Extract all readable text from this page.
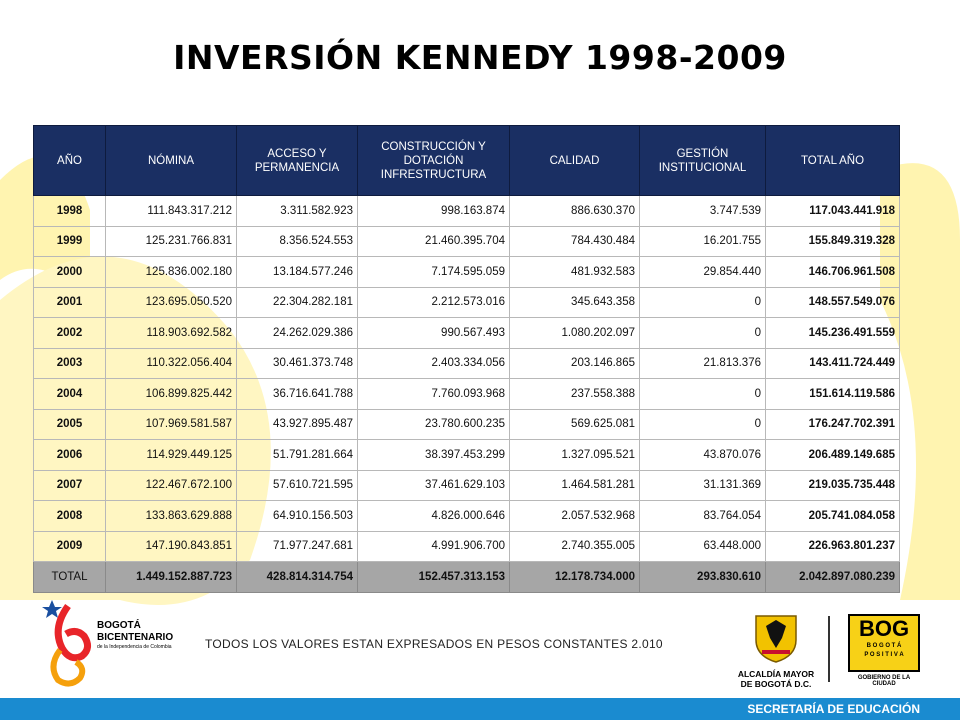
INVERSIÓN KENNEDY 1998-2009
AÑO	NÓMINA	ACCESO Y PERMANENCIA	CONSTRUCCIÓN Y DOTACIÓN INFRESTRUCTURA	CALIDAD	GESTIÓN INSTITUCIONAL	TOTAL AÑO
1998	111.843.317.212	3.311.582.923	998.163.874	886.630.370	3.747.539	117.043.441.918
1999	125.231.766.831	8.356.524.553	21.460.395.704	784.430.484	16.201.755	155.849.319.328
2000	125.836.002.180	13.184.577.246	7.174.595.059	481.932.583	29.854.440	146.706.961.508
2001	123.695.050.520	22.304.282.181	2.212.573.016	345.643.358	0	148.557.549.076
2002	118.903.692.582	24.262.029.386	990.567.493	1.080.202.097	0	145.236.491.559
2003	110.322.056.404	30.461.373.748	2.403.334.056	203.146.865	21.813.376	143.411.724.449
2004	106.899.825.442	36.716.641.788	7.760.093.968	237.558.388	0	151.614.119.586
2005	107.969.581.587	43.927.895.487	23.780.600.235	569.625.081	0	176.247.702.391
2006	114.929.449.125	51.791.281.664	38.397.453.299	1.327.095.521	43.870.076	206.489.149.685
2007	122.467.672.100	57.610.721.595	37.461.629.103	1.464.581.281	31.131.369	219.035.735.448
2008	133.863.629.888	64.910.156.503	4.826.000.646	2.057.532.968	83.764.054	205.741.084.058
2009	147.190.843.851	71.977.247.681	4.991.906.700	2.740.355.005	63.448.000	226.963.801.237
TOTAL	1.449.152.887.723	428.814.314.754	152.457.313.153	12.178.734.000	293.830.610	2.042.897.080.239
TODOS LOS VALORES ESTAN EXPRESADOS EN PESOS CONSTANTES 2.010
BOGOTÁ
BICENTENARIO
de la Independencia de Colombia
ALCALDÍA MAYOR
DE BOGOTÁ D.C.
BOG
B O G O T Á
P O S I T I V A
GOBIERNO DE LA CIUDAD
SECRETARÍA DE EDUCACIÓN
